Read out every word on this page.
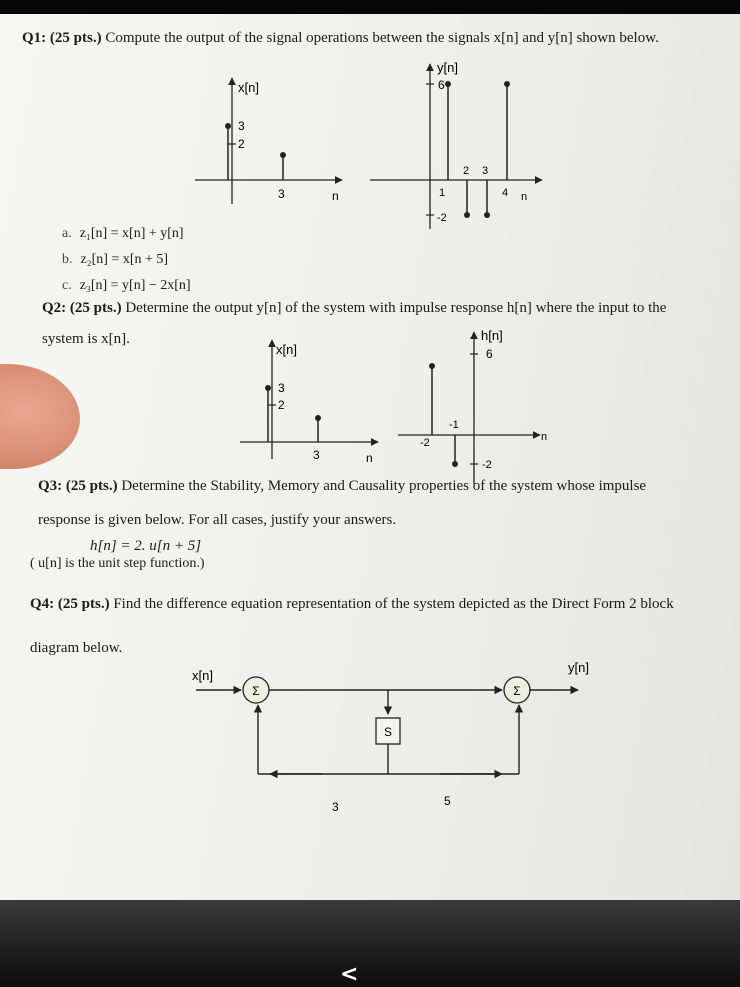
Q1: (25 pts.) Compute the output of the signal operations between the signals x[n] and y[n] shown below.
a. z₁[n] = x[n] + y[n]
b. z₂[n] = x[n + 5]
c. z₃[n] = y[n] − 2x[n]
Q2: (25 pts.) Determine the output y[n] of the system with impulse response h[n] where the input to the
system is x[n].
Q3: (25 pts.) Determine the Stability, Memory and Causality properties of the system whose impulse
response is given below. For all cases, justify your answers.
h[n] = 2. u[n + 5]
( u[n] is the unit step function.)
Q4: (25 pts.) Find the difference equation representation of the system depicted as the Direct Form 2 block
diagram below.
x[n]
3
2
3	n
y[n]
6
-2
1
2 3
4 n
x[n]
3
2
3	n
h[n]
6
-2
-2
-1
n
x[n]
Σ	Σ
y[n]
S
3	5
<
